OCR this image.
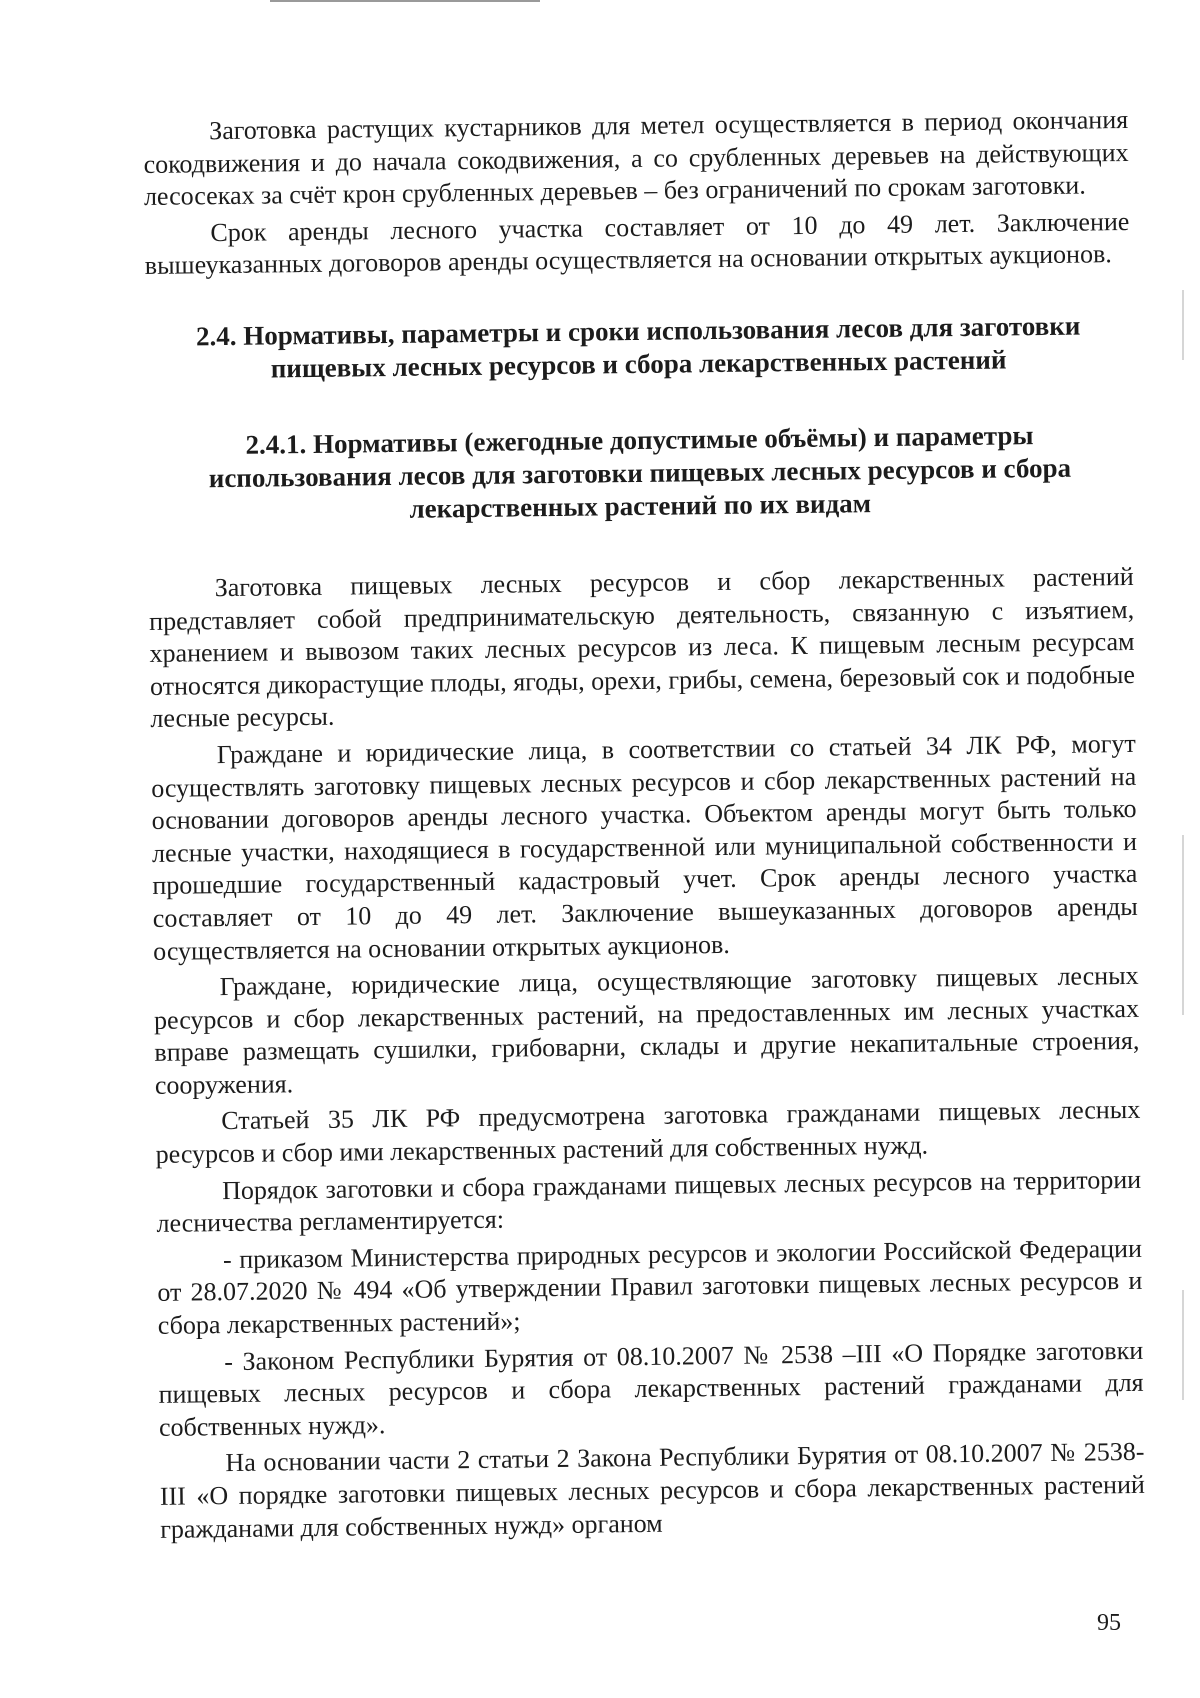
Заготовка растущих кустарников для метел осуществляется в период окончания сокодвижения и до начала сокодвижения, а со срубленных деревьев на действующих лесосеках за счёт крон срубленных деревьев – без ограничений по срокам заготовки.

Срок аренды лесного участка составляет от 10 до 49 лет. Заключение вышеуказанных договоров аренды осуществляется на основании открытых аукционов.

2.4. Нормативы, параметры и сроки использования лесов для заготовки пищевых лесных ресурсов и сбора лекарственных растений
2.4.1. Нормативы (ежегодные допустимые объёмы) и параметры использования лесов для заготовки пищевых лесных ресурсов и сбора лекарственных растений по их видам

Заготовка пищевых лесных ресурсов и сбор лекарственных растений представляет собой предпринимательскую деятельность, связанную с изъятием, хранением и вывозом таких лесных ресурсов из леса. К пищевым лесным ресурсам относятся дикорастущие плоды, ягоды, орехи, грибы, семена, березовый сок и подобные лесные ресурсы.

Граждане и юридические лица, в соответствии со статьей 34 ЛК РФ, могут осуществлять заготовку пищевых лесных ресурсов и сбор лекарственных растений на основании договоров аренды лесного участка. Объектом аренды могут быть только лесные участки, находящиеся в государственной или муниципальной собственности и прошедшие государственный кадастровый учет. Срок аренды лесного участка составляет от 10 до 49 лет. Заключение вышеуказанных договоров аренды осуществляется на основании открытых аукционов.

Граждане, юридические лица, осуществляющие заготовку пищевых лесных ресурсов и сбор лекарственных растений, на предоставленных им лесных участках вправе размещать сушилки, грибоварни, склады и другие некапитальные строения, сооружения.

Статьей 35 ЛК РФ предусмотрена заготовка гражданами пищевых лесных ресурсов и сбор ими лекарственных растений для собственных нужд.

Порядок заготовки и сбора гражданами пищевых лесных ресурсов на территории лесничества регламентируется:

- приказом Министерства природных ресурсов и экологии Российской Федерации от 28.07.2020 № 494 «Об утверждении Правил заготовки пищевых лесных ресурсов и сбора лекарственных растений»;

- Законом Республики Бурятия от 08.10.2007 № 2538 –III «О Порядке заготовки пищевых лесных ресурсов и сбора лекарственных растений гражданами для собственных нужд».

На основании части 2 статьи 2 Закона Республики Бурятия от 08.10.2007 № 2538-III «О порядке заготовки пищевых лесных ресурсов и сбора лекарственных растений гражданами для собственных нужд» органом

95
